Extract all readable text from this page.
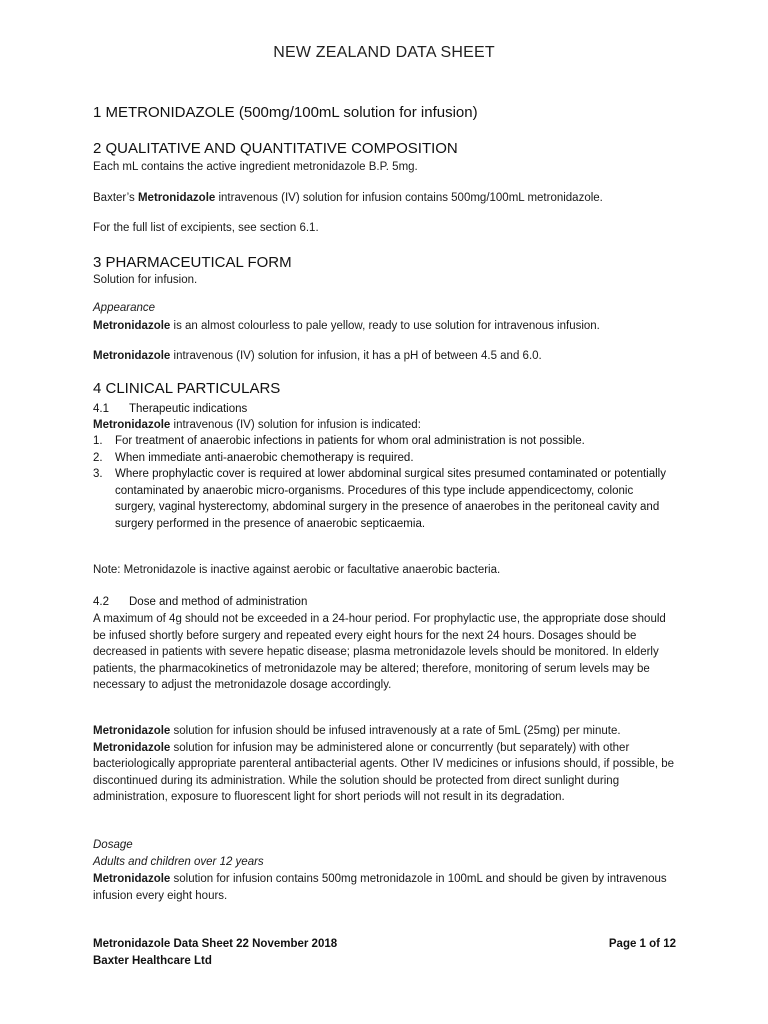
NEW ZEALAND DATA SHEET
1 METRONIDAZOLE (500mg/100mL solution for infusion)
2 QUALITATIVE AND QUANTITATIVE COMPOSITION
Each mL contains the active ingredient metronidazole B.P. 5mg.
Baxter’s Metronidazole intravenous (IV) solution for infusion contains 500mg/100mL metronidazole.
For the full list of excipients, see section 6.1.
3 PHARMACEUTICAL FORM
Solution for infusion.
Appearance
Metronidazole is an almost colourless to pale yellow, ready to use solution for intravenous infusion.
Metronidazole intravenous (IV) solution for infusion, it has a pH of between 4.5 and 6.0.
4 CLINICAL PARTICULARS
4.1	Therapeutic indications
Metronidazole intravenous (IV) solution for infusion is indicated:
1.	For treatment of anaerobic infections in patients for whom oral administration is not possible.
2.	When immediate anti-anaerobic chemotherapy is required.
3.	Where prophylactic cover is required at lower abdominal surgical sites presumed contaminated or potentially contaminated by anaerobic micro-organisms. Procedures of this type include appendicectomy, colonic surgery, vaginal hysterectomy, abdominal surgery in the presence of anaerobes in the peritoneal cavity and surgery performed in the presence of anaerobic septicaemia.
Note: Metronidazole is inactive against aerobic or facultative anaerobic bacteria.
4.2	Dose and method of administration
A maximum of 4g should not be exceeded in a 24-hour period. For prophylactic use, the appropriate dose should be infused shortly before surgery and repeated every eight hours for the next 24 hours. Dosages should be decreased in patients with severe hepatic disease; plasma metronidazole levels should be monitored. In elderly patients, the pharmacokinetics of metronidazole may be altered; therefore, monitoring of serum levels may be necessary to adjust the metronidazole dosage accordingly.
Metronidazole solution for infusion should be infused intravenously at a rate of 5mL (25mg) per minute. Metronidazole solution for infusion may be administered alone or concurrently (but separately) with other bacteriologically appropriate parenteral antibacterial agents. Other IV medicines or infusions should, if possible, be discontinued during its administration. While the solution should be protected from direct sunlight during administration, exposure to fluorescent light for short periods will not result in its degradation.
Dosage
Adults and children over 12 years
Metronidazole solution for infusion contains 500mg metronidazole in 100mL and should be given by intravenous infusion every eight hours.
Metronidazole Data Sheet 22 November 2018
Baxter Healthcare Ltd
Page 1 of 12
